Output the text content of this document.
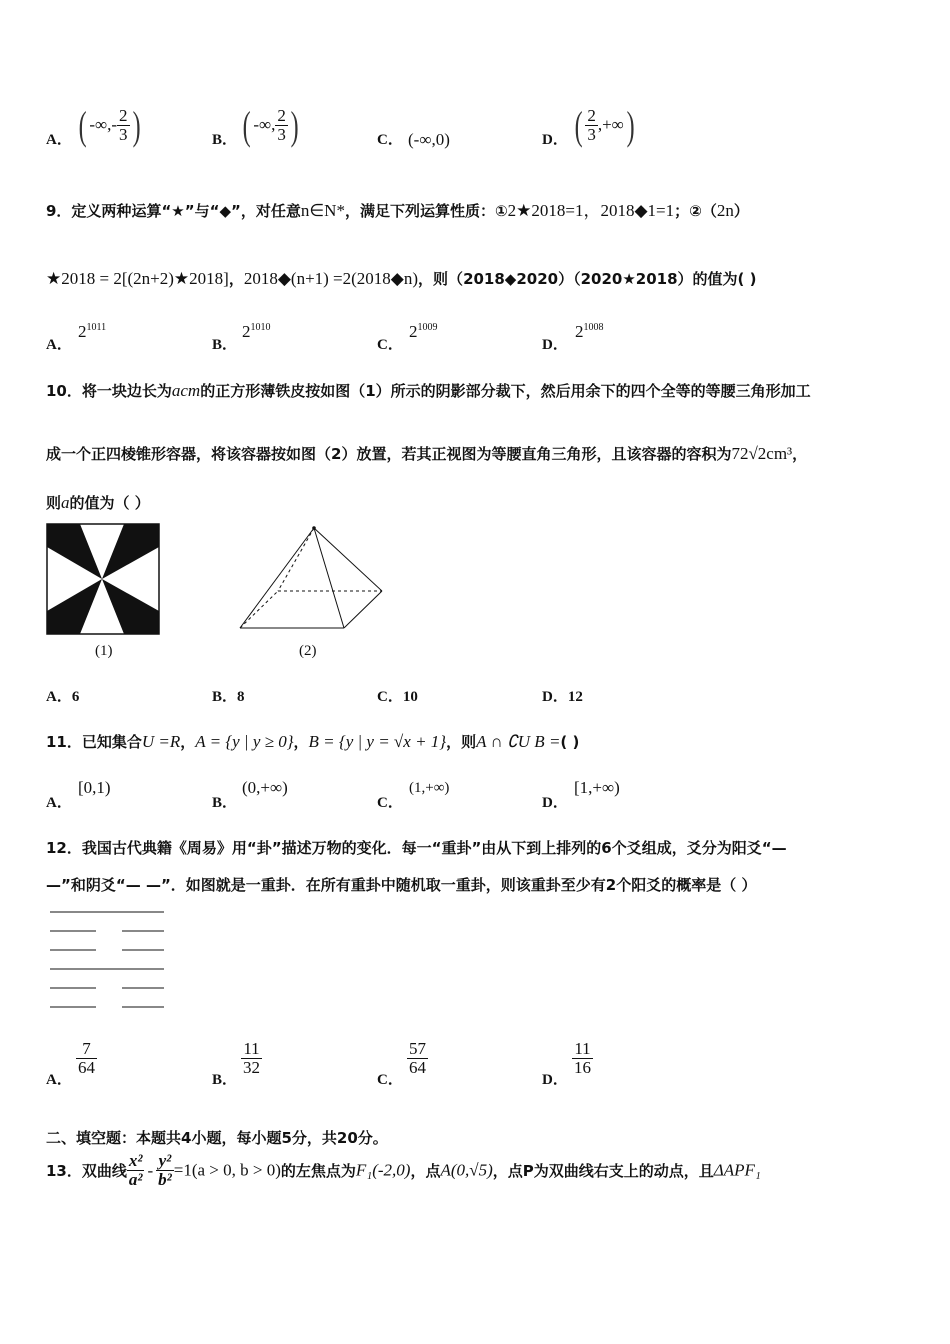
A． ( -∞,- $\frac{2}{3}$ )	B． ( -∞, $\frac{2}{3}$ )	C． (-∞,0)	D． ( $\frac{2}{3}$ ,+∞)
9．定义两种运算“★”与“◆”，对任意n∈N*，满足下列运算性质：①2★2018=1，2018◆1=1；②（2n）
★2018 = 2[(2n+2)★2018]，2018◆(n+1) =2(2018◆n)，则（2018◆2020）（2020★2018）的值为( )
A．
$2^{1011}$
B．
$2^{1010}$
C．
$2^{1009}$
D．
$2^{1008}$
10．将一块边长为acm的正方形薄铁皮按如图（1）所示的阴影部分裁下，然后用余下的四个全等的等腰三角形加工
成一个正四棱锥形容器，将该容器按如图（2）放置，若其正视图为等腰直角三角形，且该容器的容积为72√2cm³，
则a的值为（ ）
(1)	(2)
A．6	B．8	C．10	D．12
11．已知集合U =R，A = {y | y ≥ 0}，B = {y | y = √x + 1}，则A ∩ ∁U B =( )
A．
[0,1)
B．
(0,+∞)
C．
(1,+∞)
D．
[1,+∞)
12．我国古代典籍《周易》用“卦”描述万物的变化．每一“重卦”由从下到上排列的6个爻组成，爻分为阳爻“—
—”和阴爻“— —”．如图就是一重卦．在所有重卦中随机取一重卦，则该重卦至少有2个阳爻的概率是（ ）
A．
$\frac{7}{64}$
B．
$\frac{11}{32}$
C．
$\frac{57}{64}$
D．
$\frac{11}{16}$
二、填空题：本题共4小题，每小题5分，共20分。
13．双曲线 $\frac{\text{x²}}{\text{a²}} - \frac{\text{y²}}{\text{b²}} =1(a > 0$, b > 0)的左焦点为F₁(-2,0)，点A(0,√5)，点P为双曲线右支上的动点，且ΔAPF₁
